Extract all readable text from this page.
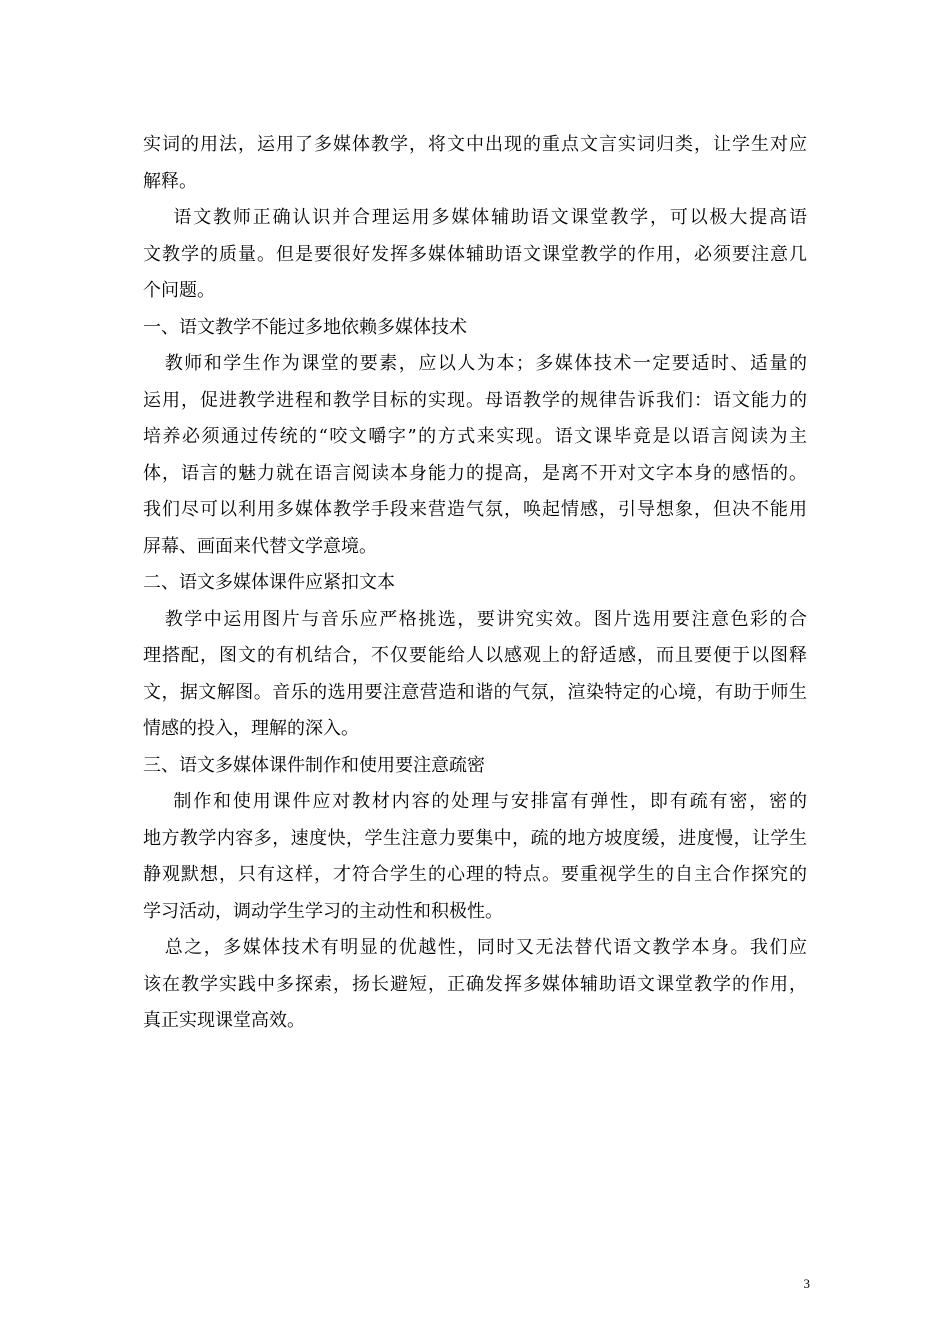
实词的用法，运用了多媒体教学，将文中出现的重点文言实词归类，让学生对应
解释。
语文教师正确认识并合理运用多媒体辅助语文课堂教学，可以极大提高语
文教学的质量。但是要很好发挥多媒体辅助语文课堂教学的作用，必须要注意几
个问题。
一、语文教学不能过多地依赖多媒体技术
教师和学生作为课堂的要素，应以人为本；多媒体技术一定要适时、适量的
运用，促进教学进程和教学目标的实现。母语教学的规律告诉我们：语文能力的
培养必须通过传统的“咬文嚼字”的方式来实现。语文课毕竟是以语言阅读为主
体，语言的魅力就在语言阅读本身能力的提高，是离不开对文字本身的感悟的。
我们尽可以利用多媒体教学手段来营造气氛，唤起情感，引导想象，但决不能用
屏幕、画面来代替文学意境。
二、语文多媒体课件应紧扣文本
教学中运用图片与音乐应严格挑选，要讲究实效。图片选用要注意色彩的合
理搭配，图文的有机结合，不仅要能给人以感观上的舒适感，而且要便于以图释
文，据文解图。音乐的选用要注意营造和谐的气氛，渲染特定的心境，有助于师生
情感的投入，理解的深入。
三、语文多媒体课件制作和使用要注意疏密
制作和使用课件应对教材内容的处理与安排富有弹性，即有疏有密，密的
地方教学内容多，速度快，学生注意力要集中，疏的地方坡度缓，进度慢，让学生
静观默想，只有这样，才符合学生的心理的特点。要重视学生的自主合作探究的
学习活动，调动学生学习的主动性和积极性。
总之，多媒体技术有明显的优越性，同时又无法替代语文教学本身。我们应
该在教学实践中多探索，扬长避短，正确发挥多媒体辅助语文课堂教学的作用，
真正实现课堂高效。
3
